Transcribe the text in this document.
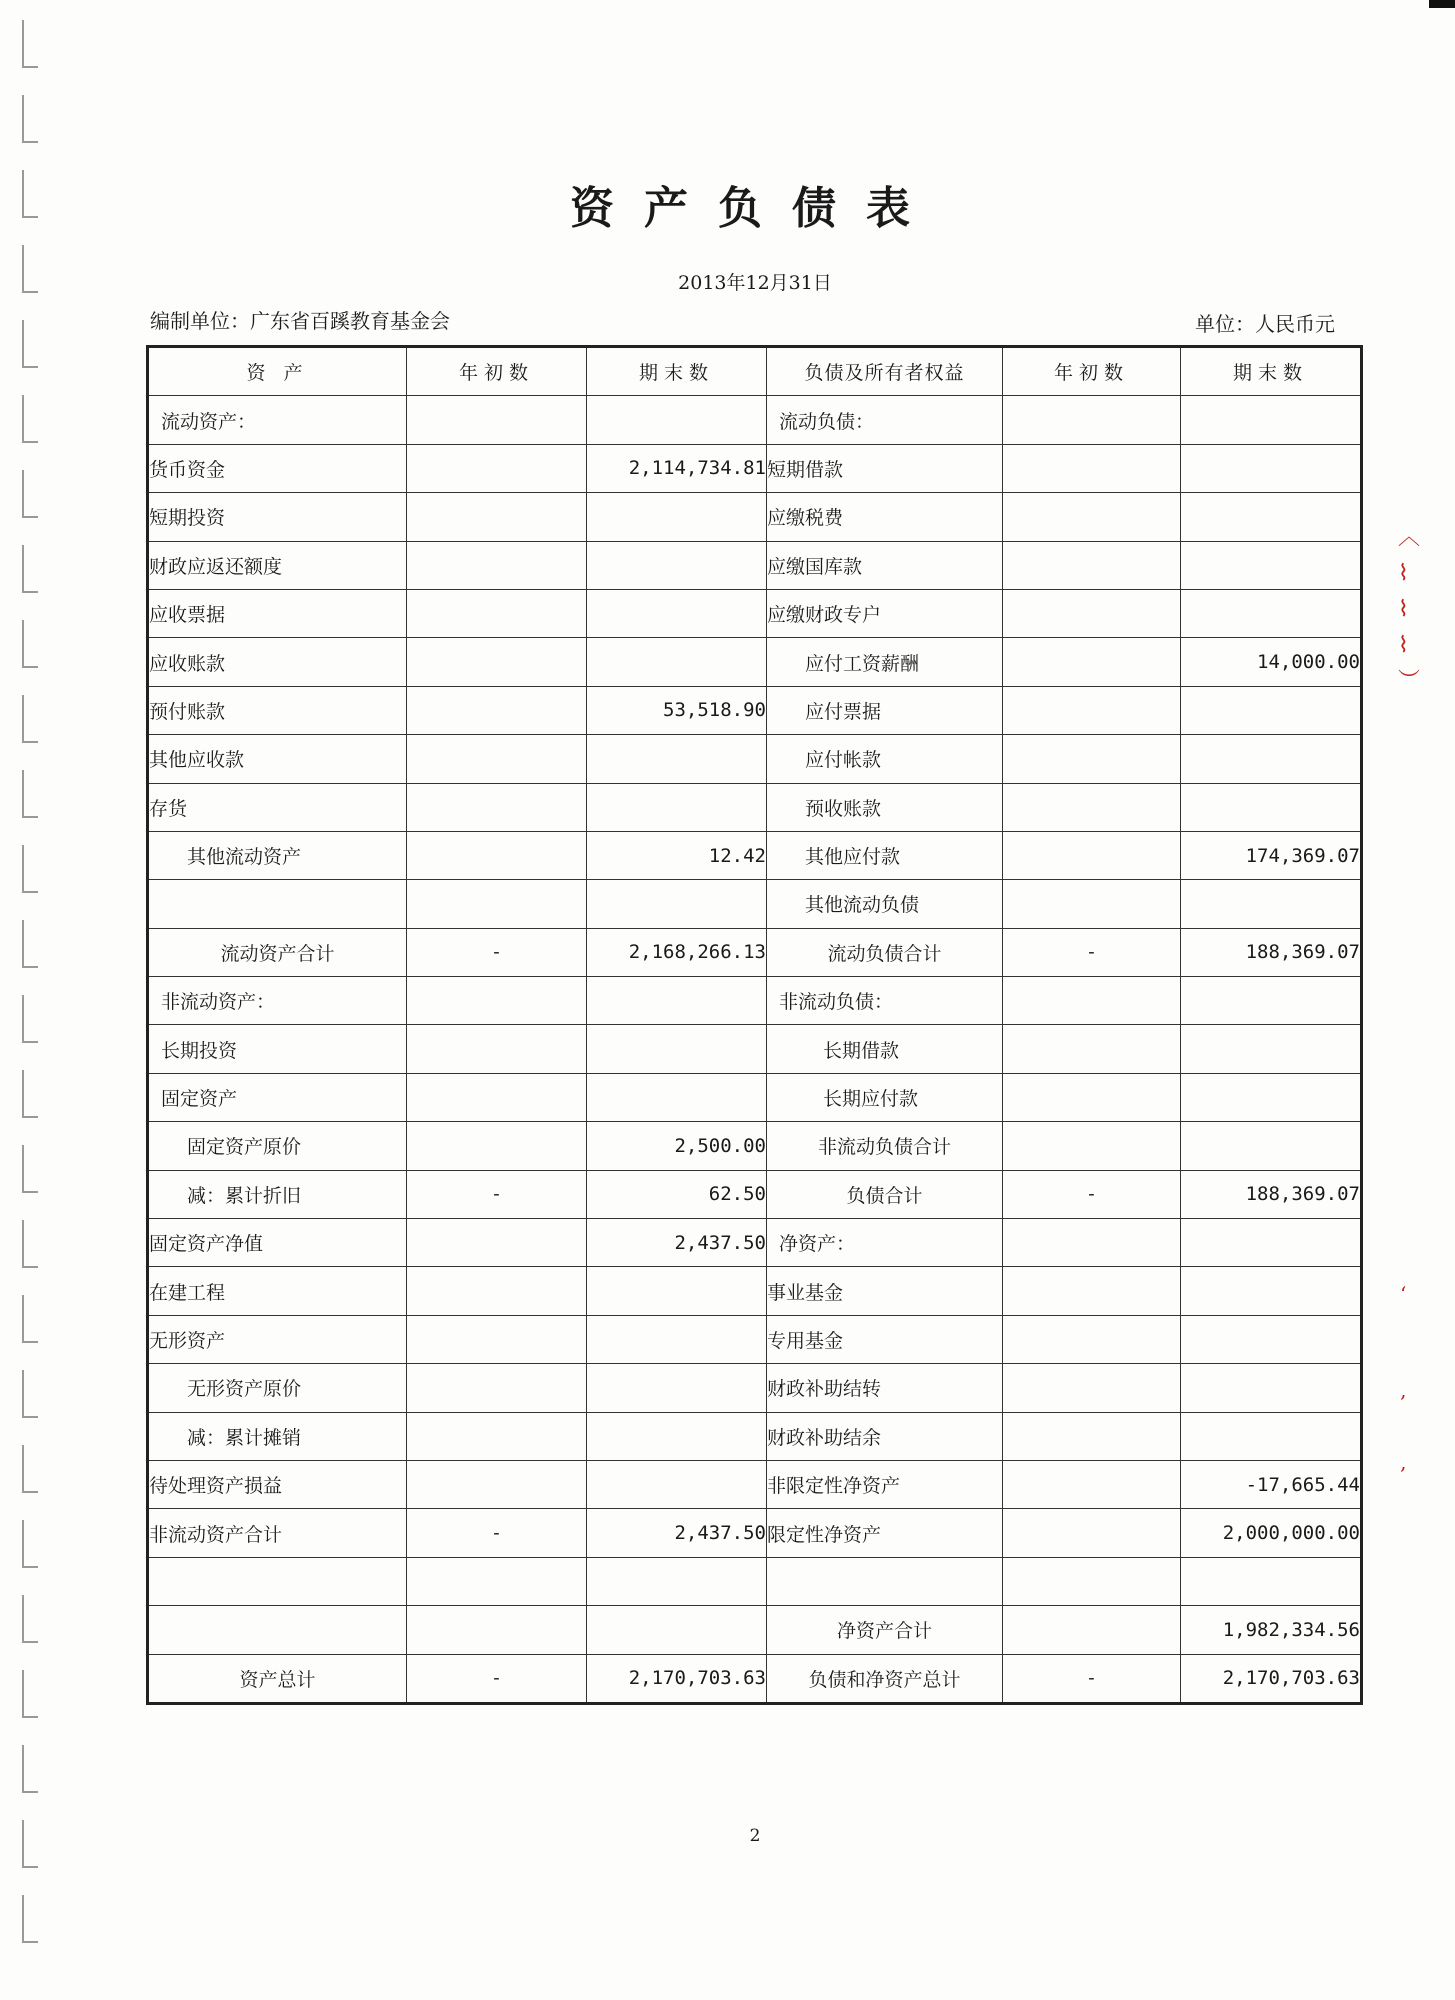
︿
⌇
⌇
⌇
︶
‘

‚

‚
资产负债表
2013年12月31日
编制单位：广东省百蹊教育基金会	单位：人民币元
资 产	年初数	期末数	负债及所有者权益	年初数	期末数
流动资产：			流动负债：		
货币资金		2,114,734.81	短期借款		
短期投资			应缴税费		
财政应返还额度			应缴国库款		
应收票据			应缴财政专户		
应收账款			应付工资薪酬		14,000.00
预付账款		53,518.90	应付票据		
其他应收款			应付帐款		
存货			预收账款		
其他流动资产		12.42	其他应付款		174,369.07
			其他流动负债		
流动资产合计	-	2,168,266.13	流动负债合计	-	188,369.07
非流动资产：			非流动负债：		
长期投资			长期借款		
固定资产			长期应付款		
固定资产原价		2,500.00	非流动负债合计		
减：累计折旧	-	62.50	负债合计	-	188,369.07
固定资产净值		2,437.50	净资产：		
在建工程			事业基金		
无形资产			专用基金		
无形资产原价			财政补助结转		
减：累计摊销			财政补助结余		
待处理资产损益			非限定性净资产		-17,665.44
非流动资产合计	-	2,437.50	限定性净资产		2,000,000.00

			净资产合计		1,982,334.56
资产总计	-	2,170,703.63	负债和净资产总计	-	2,170,703.63
2
